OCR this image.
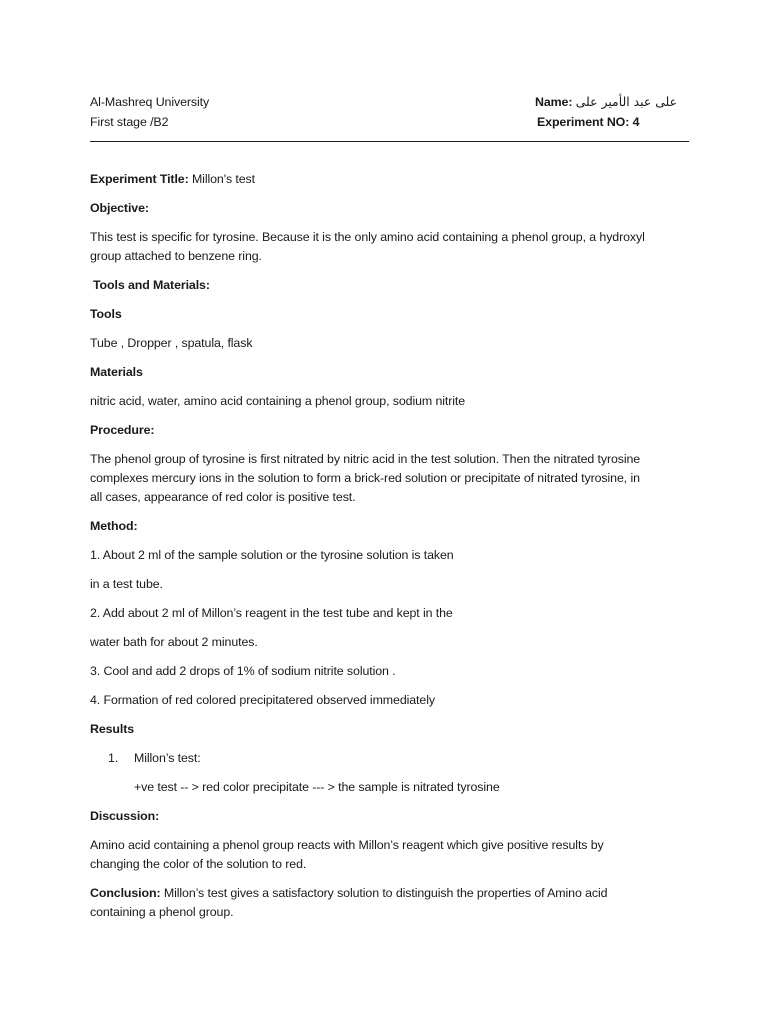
Al-Mashreq University
First stage /B2
Name: علی عبد الأمير علی
Experiment NO: 4
Experiment Title: Millon's test
Objective:
This test is specific for tyrosine. Because it is the only amino acid containing a phenol group, a hydroxyl
group attached to benzene ring.
Tools and Materials:
Tools
Tube , Dropper , spatula, flask
Materials
nitric acid, water, amino acid containing a phenol group, sodium nitrite
Procedure:
The phenol group of tyrosine is first nitrated by nitric acid in the test solution. Then the nitrated tyrosine
complexes mercury ions in the solution to form a brick-red solution or precipitate of nitrated tyrosine, in
all cases, appearance of red color is positive test.
Method:
1. About 2 ml of the sample solution or the tyrosine solution is taken
in a test tube.
2. Add about 2 ml of Millon’s reagent in the test tube and kept in the
water bath for about 2 minutes.
3. Cool and add 2 drops of 1% of sodium nitrite solution .
4. Formation of red colored precipitatered observed immediately
Results
1. Millon’s test:
+ve test -- > red color precipitate --- > the sample is nitrated tyrosine
Discussion:
Amino acid containing a phenol group reacts with Millon’s reagent which give positive results by
changing the color of the solution to red.
Conclusion: Millon’s test gives a satisfactory solution to distinguish the properties of Amino acid
containing a phenol group.
